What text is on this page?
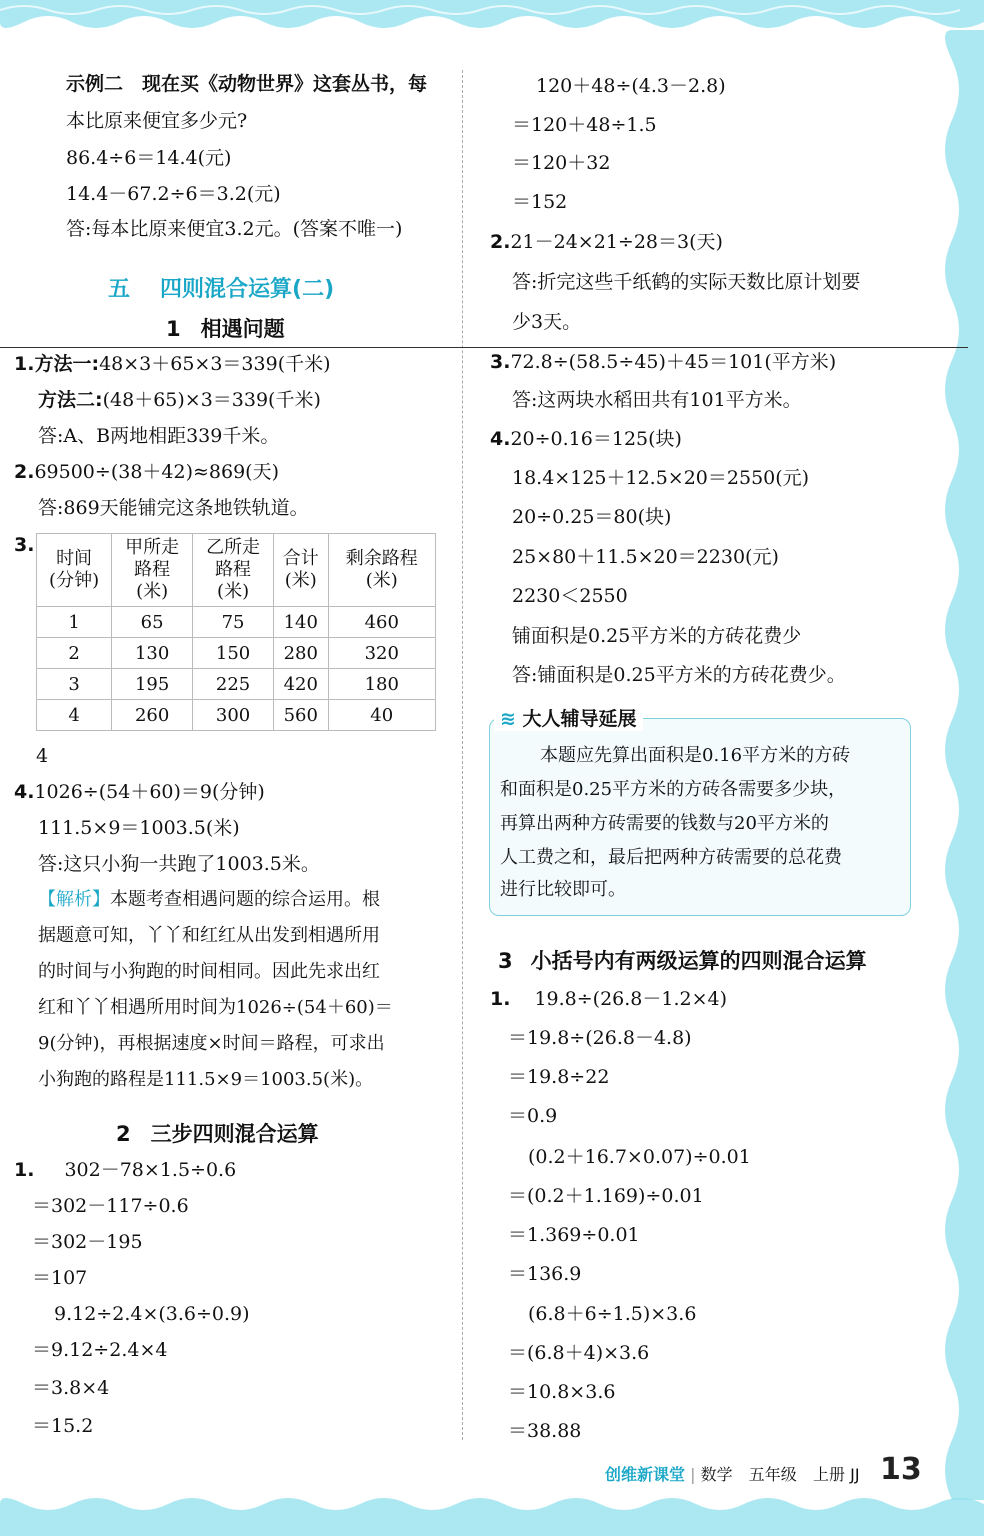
示例二　现在买《动物世界》这套丛书，每
本比原来便宜多少元?
86.4÷6＝14.4(元)
14.4－67.2÷6＝3.2(元)
答:每本比原来便宜3.2元。(答案不唯一)
五 四则混合运算(二)
1 相遇问题
1.方法一:48×3＋65×3＝339(千米)
方法二:(48＋65)×3＝339(千米)
答:A、B两地相距339千米。
2.69500÷(38＋42)≈869(天)
答:869天能铺完这条地铁轨道。
3.
时间
(分钟)	甲所走
路程
(米)	乙所走
路程
(米)	合计
(米)	剩余路程
(米)
1	65	75	140	460
2	130	150	280	320
3	195	225	420	180
4	260	300	560	40
4
4.1026÷(54＋60)＝9(分钟)
111.5×9＝1003.5(米)
答:这只小狗一共跑了1003.5米。
【解析】本题考查相遇问题的综合运用。根
据题意可知，丫丫和红红从出发到相遇所用
的时间与小狗跑的时间相同。因此先求出红
红和丫丫相遇所用时间为1026÷(54＋60)＝
9(分钟)，再根据速度×时间＝路程，可求出
小狗跑的路程是111.5×9＝1003.5(米)。
2 三步四则混合运算
1. 302－78×1.5÷0.6
＝302－117÷0.6
＝302－195
＝107
9.12÷2.4×(3.6÷0.9)
＝9.12÷2.4×4
＝3.8×4
＝15.2
120＋48÷(4.3－2.8)
＝120＋48÷1.5
＝120＋32
＝152
2.21－24×21÷28＝3(天)
答:折完这些千纸鹤的实际天数比原计划要
少3天。
3.72.8÷(58.5÷45)＋45＝101(平方米)
答:这两块水稻田共有101平方米。
4.20÷0.16＝125(块)
18.4×125＋12.5×20＝2550(元)
20÷0.25＝80(块)
25×80＋11.5×20＝2230(元)
2230＜2550
铺面积是0.25平方米的方砖花费少
答:铺面积是0.25平方米的方砖花费少。
≋ 大人辅导延展
本题应先算出面积是0.16平方米的方砖
和面积是0.25平方米的方砖各需要多少块，
再算出两种方砖需要的钱数与20平方米的
人工费之和，最后把两种方砖需要的总花费
进行比较即可。
3 小括号内有两级运算的四则混合运算
1. 19.8÷(26.8－1.2×4)
＝19.8÷(26.8－4.8)
＝19.8÷22
＝0.9
(0.2＋16.7×0.07)÷0.01
＝(0.2＋1.169)÷0.01
＝1.369÷0.01
＝136.9
(6.8＋6÷1.5)×3.6
＝(6.8＋4)×3.6
＝10.8×3.6
＝38.88
创维新课堂 | 数学 五年级 上册 JJ 13
